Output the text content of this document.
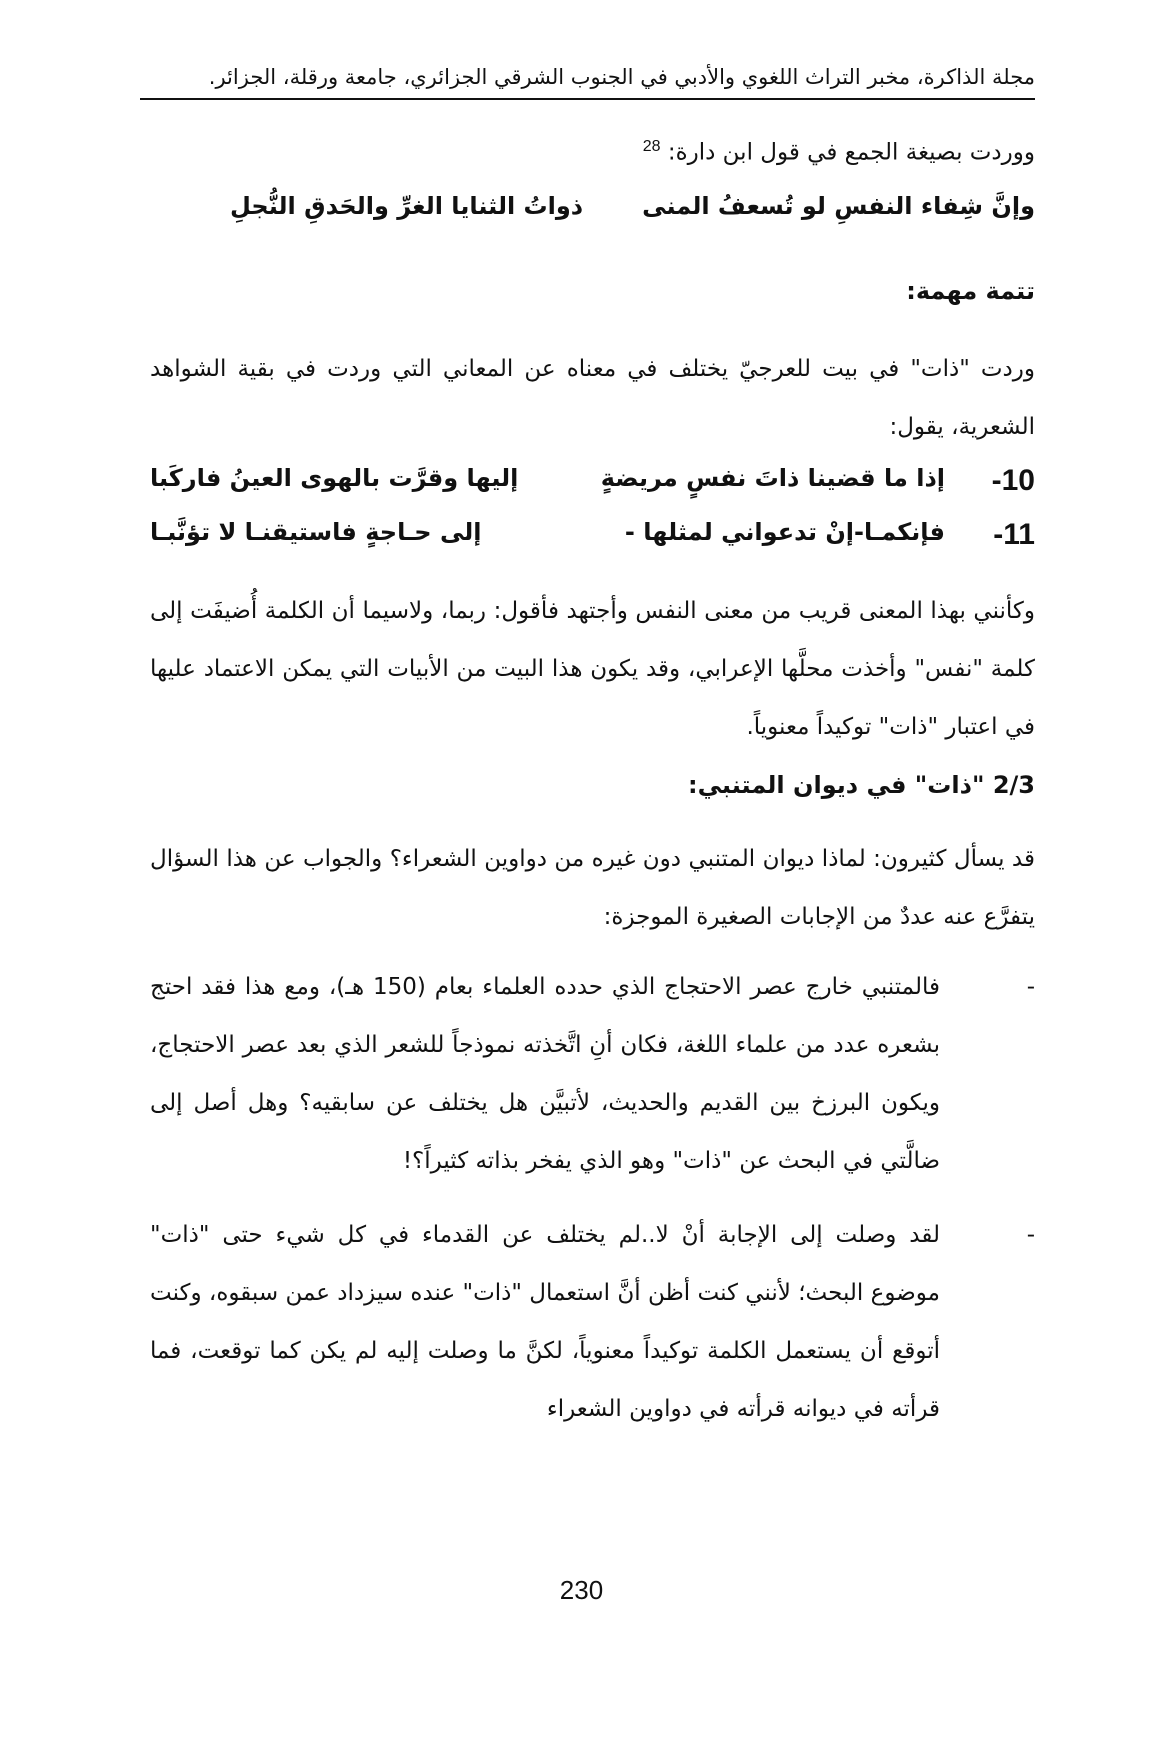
مجلة الذاكرة، مخبر التراث اللغوي والأدبي في الجنوب الشرقي الجزائري، جامعة ورقلة، الجزائر.
ووردت بصيغة الجمع في قول ابن دارة: $^{28}$
وإنَّ شِفاء النفسِ لو تُسعفُ المنى
ذواتُ الثنايا الغرِّ والحَدقِ النُّجلِ
تتمة مهمة:
وردت "ذات" في بيت للعرجيّ يختلف في معناه عن المعاني التي وردت في بقية الشواهد الشعرية، يقول:
10-
إذا ما قضينا ذاتَ نفسٍ مريضةٍ
إليها وقرَّت بالهوى العينُ فاركَبا
11-
فإنكمـا-إنْ تدعواني لمثلها -
إلى حـاجةٍ فاستيقنـا لا تؤنَّبـا
وكأنني بهذا المعنى قريب من معنى النفس وأجتهد فأقول: ربما، ولاسيما أن الكلمة أُضيفَت إلى كلمة "نفس" وأخذت محلَّها الإعرابي، وقد يكون هذا البيت من الأبيات التي يمكن الاعتماد عليها في اعتبار "ذات" توكيداً معنوياً.
2/3 "ذات" في ديوان المتنبي:
قد يسأل كثيرون: لماذا ديوان المتنبي دون غيره من دواوين الشعراء؟ والجواب عن هذا السؤال يتفرَّع عنه عددٌ من الإجابات الصغيرة الموجزة:
-
فالمتنبي خارج عصر الاحتجاج الذي حدده العلماء بعام (150 هـ)، ومع هذا فقد احتج بشعره عدد من علماء اللغة، فكان أنِ اتَّخذته نموذجاً للشعر الذي بعد عصر الاحتجاج، ويكون البرزخ بين القديم والحديث، لأتبيَّن هل يختلف عن سابقيه؟ وهل أصل إلى ضالَّتي في البحث عن "ذات" وهو الذي يفخر بذاته كثيراً؟!
-
لقد وصلت إلى الإجابة أنْ لا..لم يختلف عن القدماء في كل شيء حتى "ذات" موضوع البحث؛ لأنني كنت أظن أنَّ استعمال "ذات" عنده سيزداد عمن سبقوه، وكنت أتوقع أن يستعمل الكلمة توكيداً معنوياً، لكنَّ ما وصلت إليه لم يكن كما توقعت، فما قرأته في ديوانه قرأته في دواوين الشعراء
230
